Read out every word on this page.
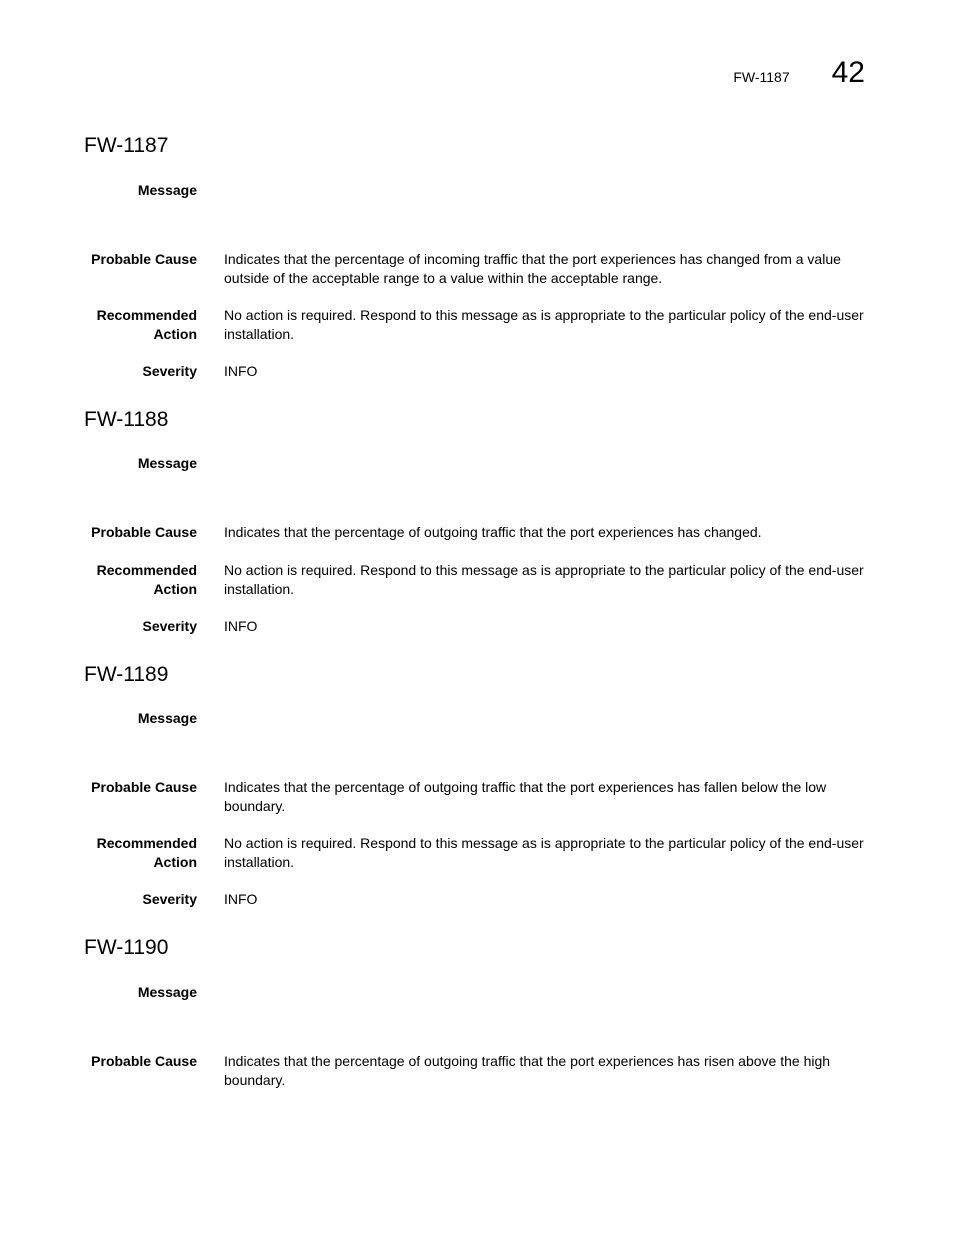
FW-1187 42
FW-1187
Message
Probable Cause Indicates that the percentage of incoming traffic that the port experiences has changed from a value outside of the acceptable range to a value within the acceptable range.
Recommended
Action
No action is required. Respond to this message as is appropriate to the particular policy of the end-user installation.
Severity INFO
FW-1188
Message
Probable Cause Indicates that the percentage of outgoing traffic that the port experiences has changed.
Recommended
Action
No action is required. Respond to this message as is appropriate to the particular policy of the end-user installation.
Severity INFO
FW-1189
Message
Probable Cause Indicates that the percentage of outgoing traffic that the port experiences has fallen below the low boundary.
Recommended
Action
No action is required. Respond to this message as is appropriate to the particular policy of the end-user installation.
Severity INFO
FW-1190
Message
Probable Cause Indicates that the percentage of outgoing traffic that the port experiences has risen above the high boundary.
